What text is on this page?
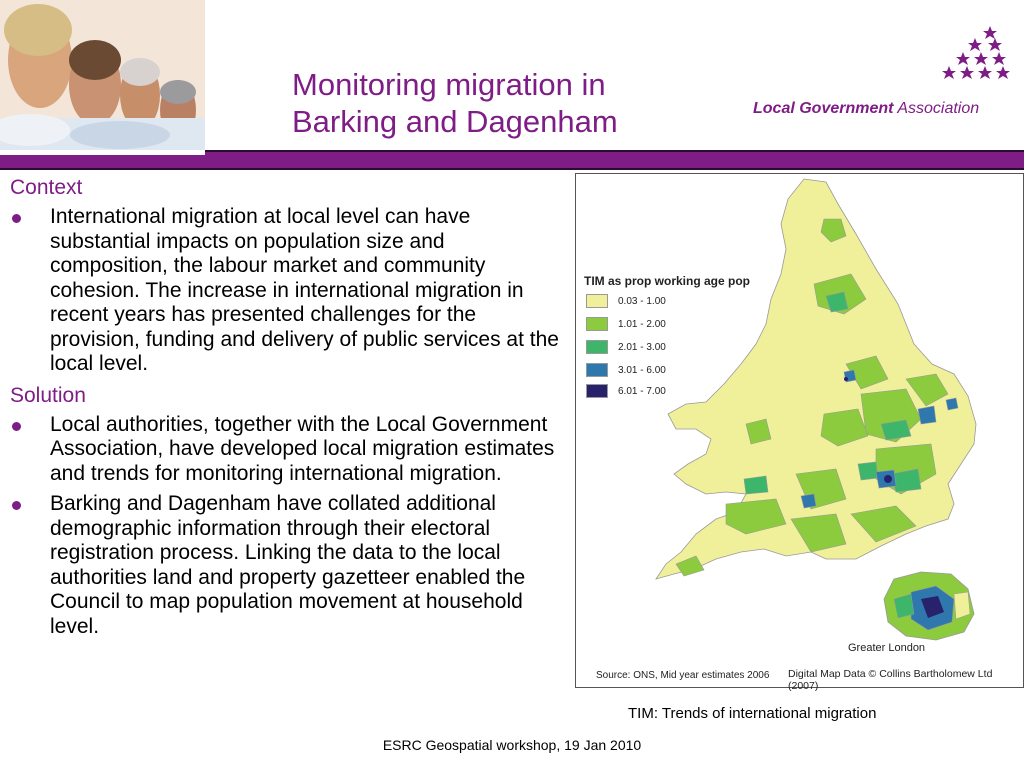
Monitoring migration in
Barking and Dagenham	Local Government Association
Context
International migration at local level can have substantial impacts on population size and composition, the labour market and community cohesion. The increase in international migration in recent years has presented challenges for the provision, funding and delivery of public services at the local level.
Solution
Local authorities, together with the Local Government Association, have developed local migration estimates and trends for monitoring international migration.
Barking and Dagenham have collated additional demographic information through their electoral registration process. Linking the data to the local authorities land and property gazetteer enabled the Council to map population movement at household level.
TIM as prop working age pop
0.03 - 1.00
1.01 - 2.00
2.01 - 3.00
3.01 - 6.00
6.01 - 7.00
Greater London
Source: ONS, Mid year estimates 2006 Digital Map Data © Collins Bartholomew Ltd (2007)
TIM: Trends of international migration
ESRC Geospatial workshop, 19 Jan 2010
